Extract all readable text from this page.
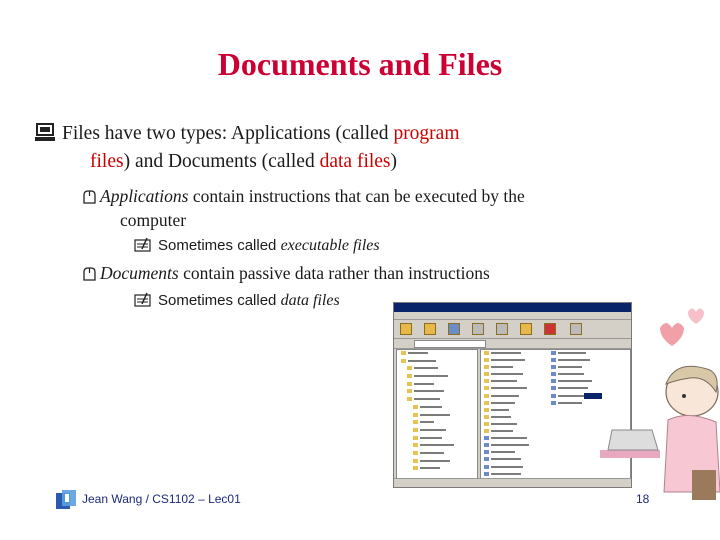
Documents and Files
Files have two types: Applications (called program
files) and Documents (called data files)
Applications contain instructions that can be executed by the
computer
Sometimes called executable files
Documents contain passive data rather than instructions
Sometimes called data files
Jean Wang / CS1102 – Lec01	18
